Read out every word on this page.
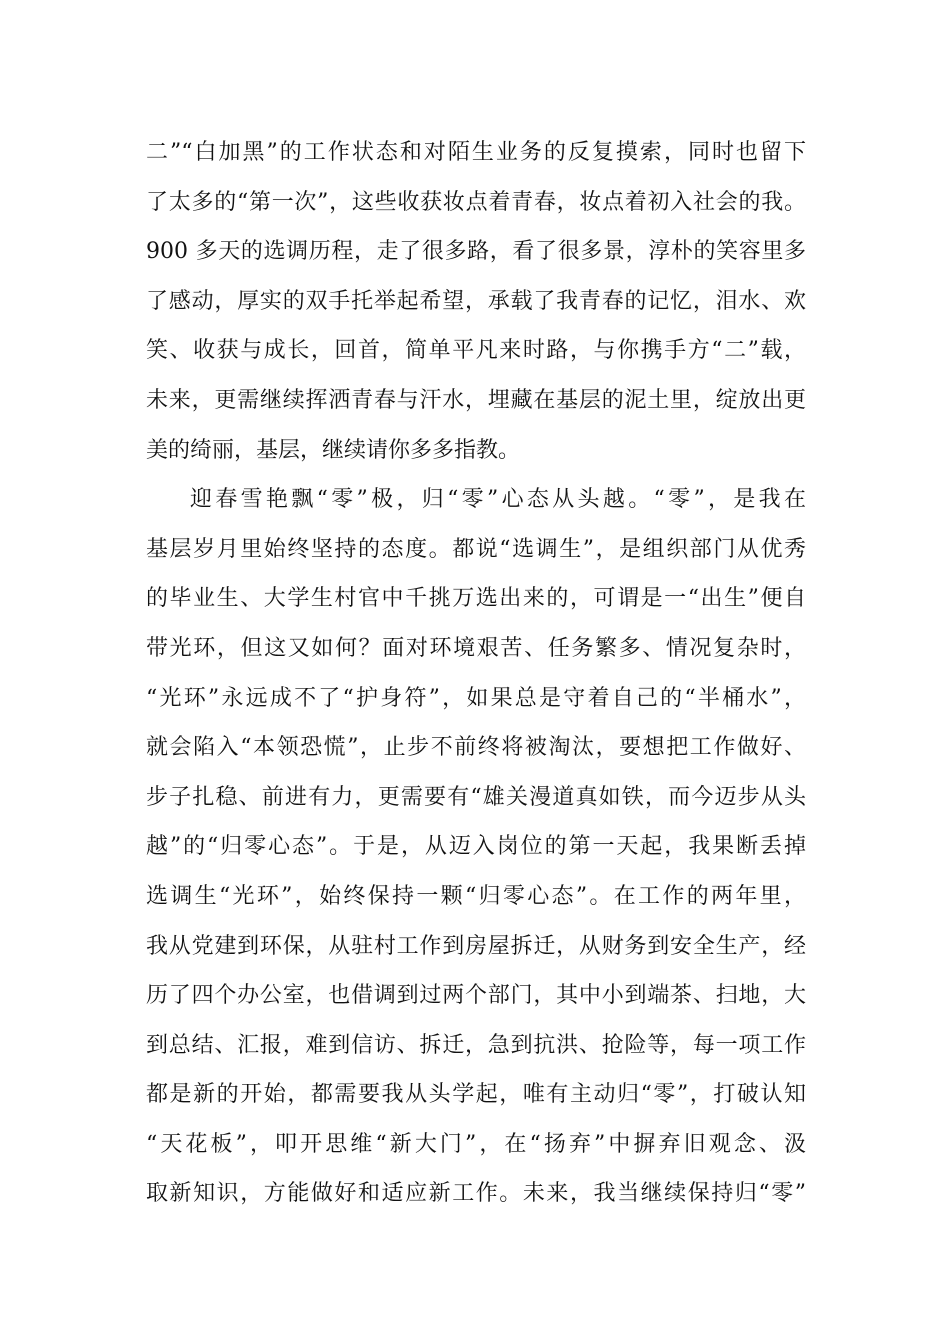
二”“白加黑”的工作状态和对陌生业务的反复摸索，同时也留下
了太多的“第一次”，这些收获妆点着青春，妆点着初入社会的我。
900 多天的选调历程，走了很多路，看了很多景，淳朴的笑容里多
了感动，厚实的双手托举起希望，承载了我青春的记忆，泪水、欢
笑、收获与成长，回首，简单平凡来时路，与你携手方“二”载，
未来，更需继续挥洒青春与汗水，埋藏在基层的泥土里，绽放出更
美的绮丽，基层，继续请你多多指教。
迎春雪艳飘“零”极，归“零”心态从头越。“零”，是我在
基层岁月里始终坚持的态度。都说“选调生”，是组织部门从优秀
的毕业生、大学生村官中千挑万选出来的，可谓是一“出生”便自
带光环，但这又如何？面对环境艰苦、任务繁多、情况复杂时，
“光环”永远成不了“护身符”，如果总是守着自己的“半桶水”，
就会陷入“本领恐慌”，止步不前终将被淘汰，要想把工作做好、
步子扎稳、前进有力，更需要有“雄关漫道真如铁，而今迈步从头
越”的“归零心态”。于是，从迈入岗位的第一天起，我果断丢掉
选调生“光环”，始终保持一颗“归零心态”。在工作的两年里，
我从党建到环保，从驻村工作到房屋拆迁，从财务到安全生产，经
历了四个办公室，也借调到过两个部门，其中小到端茶、扫地，大
到总结、汇报，难到信访、拆迁，急到抗洪、抢险等，每一项工作
都是新的开始，都需要我从头学起，唯有主动归“零”，打破认知
“天花板”，叩开思维“新大门”，在“扬弃”中摒弃旧观念、汲
取新知识，方能做好和适应新工作。未来，我当继续保持归“零”
